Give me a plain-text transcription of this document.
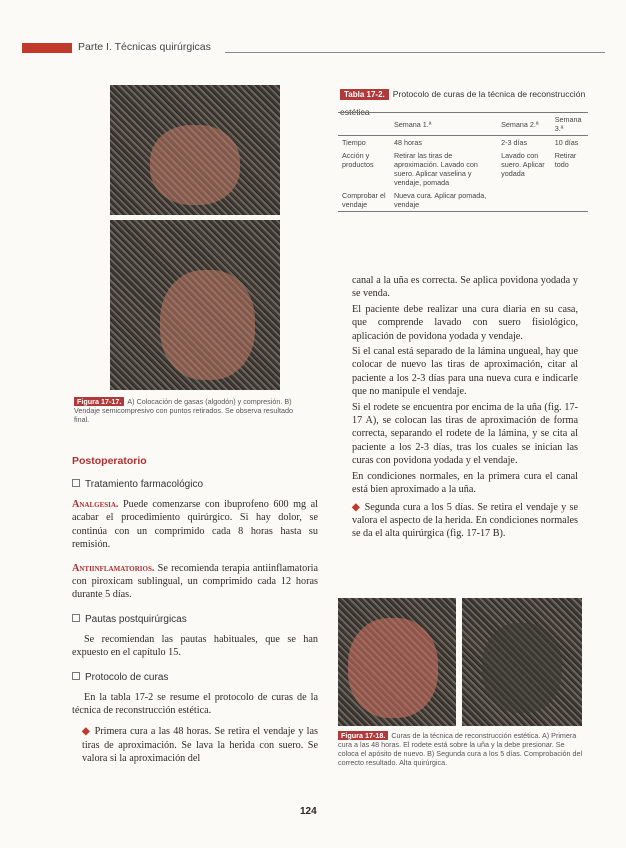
Parte I. Técnicas quirúrgicas
Figura 17-17. A) Colocación de gasas (algodón) y compresión. B) Vendaje semicompresivo con puntos retirados. Se observa resultado final.
Tabla 17-2. Protocolo de curas de la técnica de reconstrucción estética
	Semana 1.ª	Semana 2.ª	Semana 3.ª
Tiempo	48 horas	2-3 días	10 días
Acción y productos	Retirar las tiras de aproximación. Lavado con suero. Aplicar vaselina y vendaje, pomada	Lavado con suero. Aplicar yodada	Retirar todo
Comprobar el vendaje	Nueva cura. Aplicar pomada, vendaje		
Postoperatorio
Tratamiento farmacológico
Analgesia. Puede comenzarse con ibuprofeno 600 mg al acabar el procedimiento quirúrgico. Si hay dolor, se continúa con un comprimido cada 8 horas hasta su remisión.
Antiinflamatorios. Se recomienda terapia antiinflamatoria con piroxicam sublingual, un comprimido cada 12 horas durante 5 días.
Pautas postquirúrgicas
Se recomiendan las pautas habituales, que se han expuesto en el capítulo 15.
Protocolo de curas
En la tabla 17-2 se resume el protocolo de curas de la técnica de reconstrucción estética.
◆ Primera cura a las 48 horas. Se retira el vendaje y las tiras de aproximación. Se lava la herida con suero. Se valora si la aproximación del
canal a la uña es correcta. Se aplica povidona yodada y se venda.
El paciente debe realizar una cura diaria en su casa, que comprende lavado con suero fisiológico, aplicación de povidona yodada y vendaje.
Si el canal está separado de la lámina ungueal, hay que colocar de nuevo las tiras de aproximación, citar al paciente a los 2-3 días para una nueva cura e indicarle que no manipule el vendaje.
Si el rodete se encuentra por encima de la uña (fig. 17-17 A), se colocan las tiras de aproximación de forma correcta, separando el rodete de la lámina, y se cita al paciente a los 2-3 días, tras los cuales se inician las curas con povidona yodada y el vendaje.
En condiciones normales, en la primera cura el canal está bien aproximado a la uña.
◆ Segunda cura a los 5 días. Se retira el vendaje y se valora el aspecto de la herida. En condiciones normales se da el alta quirúrgica (fig. 17-17 B).
Figura 17-18. Curas de la técnica de reconstrucción estética. A) Primera cura a las 48 horas. El rodete está sobre la uña y la debe presionar. Se coloca el apósito de nuevo. B) Segunda cura a los 5 días. Comprobación del correcto resultado. Alta quirúrgica.
124
